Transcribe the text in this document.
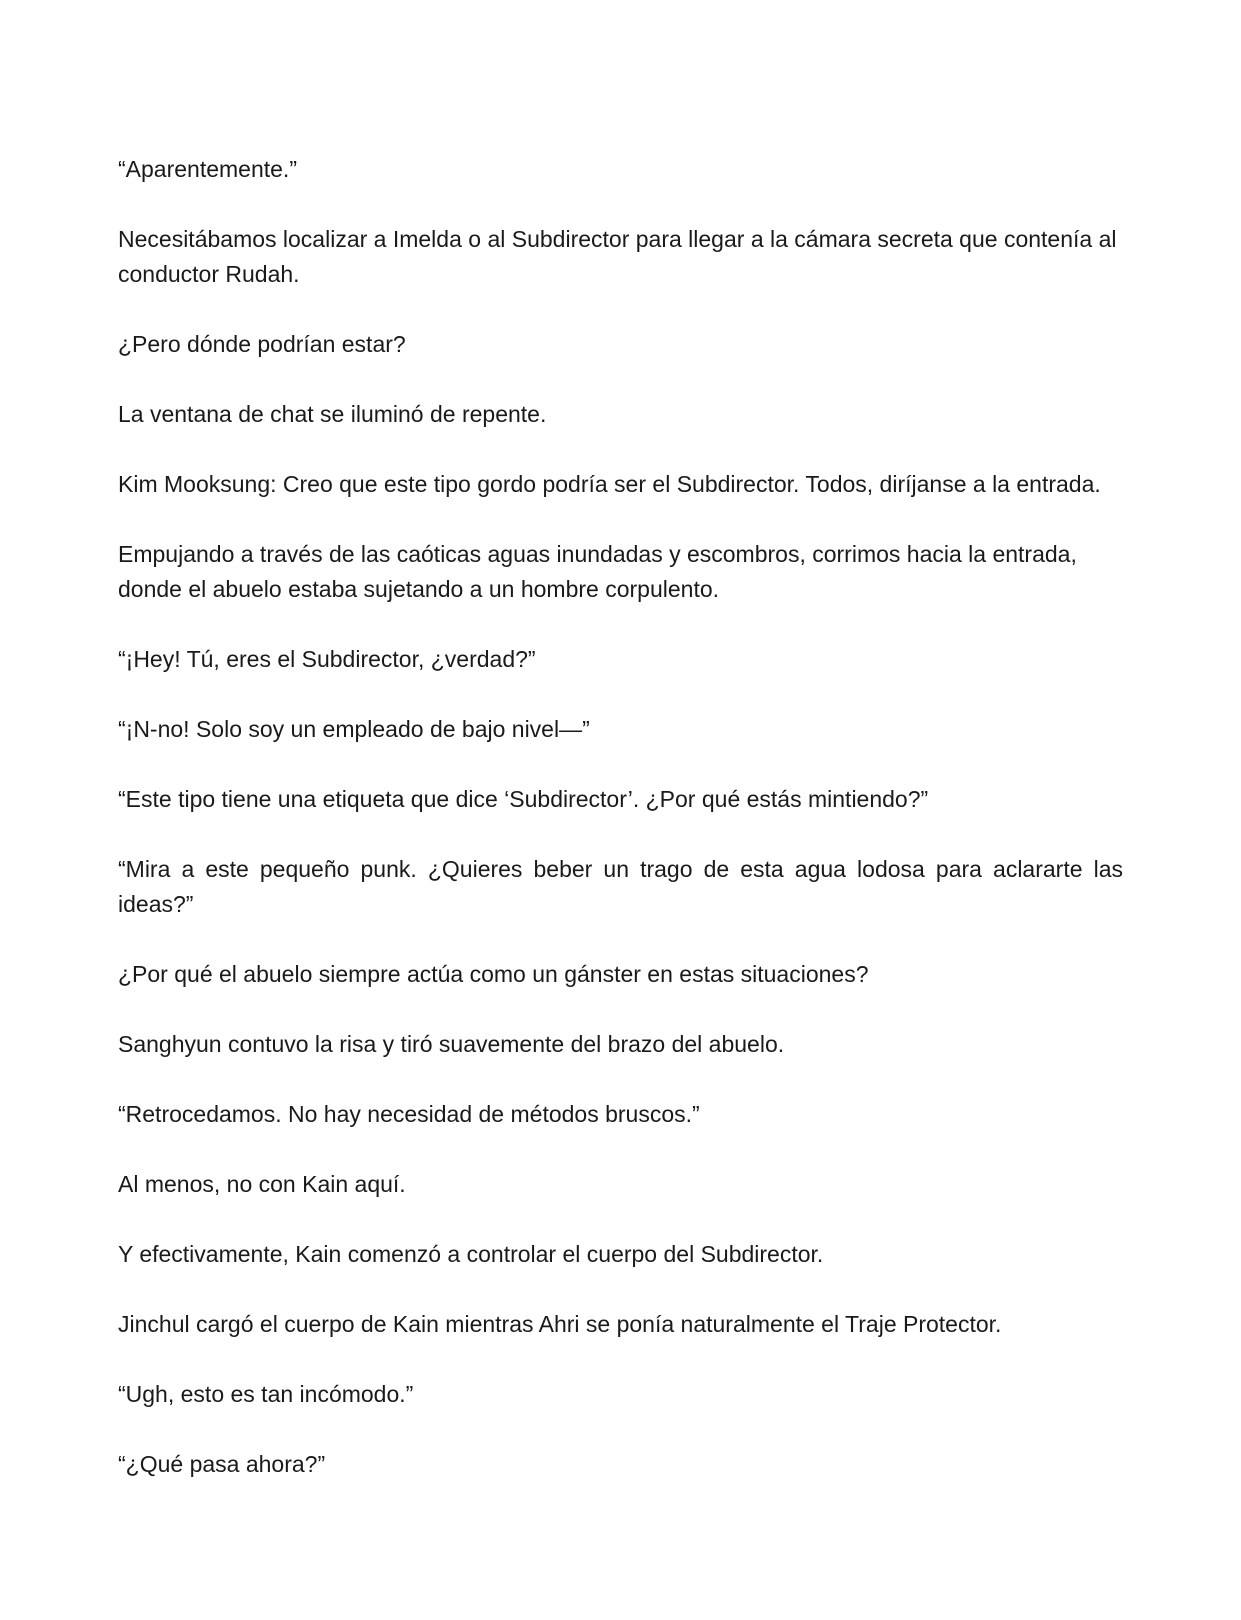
“Aparentemente.”

Necesitábamos localizar a Imelda o al Subdirector para llegar a la cámara secreta que contenía al conductor Rudah.

¿Pero dónde podrían estar?

La ventana de chat se iluminó de repente.

Kim Mooksung: Creo que este tipo gordo podría ser el Subdirector. Todos, diríjanse a la entrada.

Empujando a través de las caóticas aguas inundadas y escombros, corrimos hacia la entrada, donde el abuelo estaba sujetando a un hombre corpulento.

“¡Hey! Tú, eres el Subdirector, ¿verdad?”

“¡N-no! Solo soy un empleado de bajo nivel—”

“Este tipo tiene una etiqueta que dice ‘Subdirector’. ¿Por qué estás mintiendo?”

“Mira a este pequeño punk. ¿Quieres beber un trago de esta agua lodosa para aclararte las ideas?”

¿Por qué el abuelo siempre actúa como un gánster en estas situaciones?

Sanghyun contuvo la risa y tiró suavemente del brazo del abuelo.

“Retrocedamos. No hay necesidad de métodos bruscos.”

Al menos, no con Kain aquí.

Y efectivamente, Kain comenzó a controlar el cuerpo del Subdirector.

Jinchul cargó el cuerpo de Kain mientras Ahri se ponía naturalmente el Traje Protector.

“Ugh, esto es tan incómodo.”

“¿Qué pasa ahora?”
